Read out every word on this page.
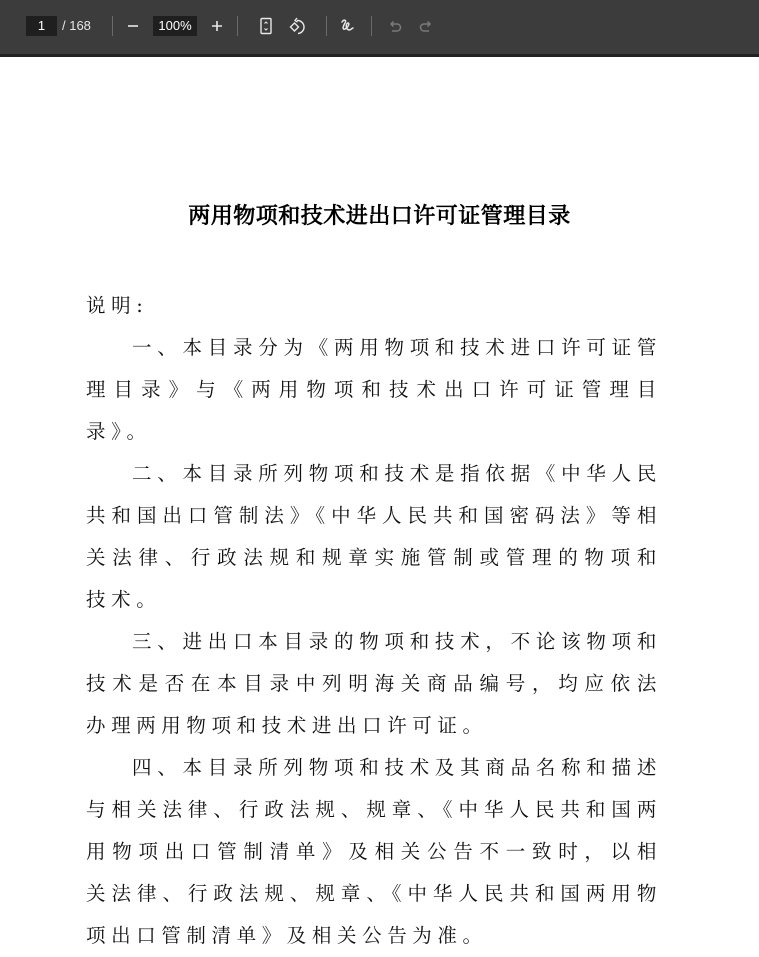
1	/ 168	100%
两用物项和技术进出口许可证管理目录

说明:

一、本目录分为《两用物项和技术进口许可证管理目录》与《两用物项和技术出口许可证管理目录》。

二、本目录所列物项和技术是指依据《中华人民共和国出口管制法》《中华人民共和国密码法》等相关法律、行政法规和规章实施管制或管理的物项和技术。

三、进出口本目录的物项和技术，不论该物项和技术是否在本目录中列明海关商品编号，均应依法办理两用物项和技术进出口许可证。

四、本目录所列物项和技术及其商品名称和描述与相关法律、行政法规、规章、《中华人民共和国两用物项出口管制清单》及相关公告不一致时，以相关法律、行政法规、规章、《中华人民共和国两用物项出口管制清单》及相关公告为准。
